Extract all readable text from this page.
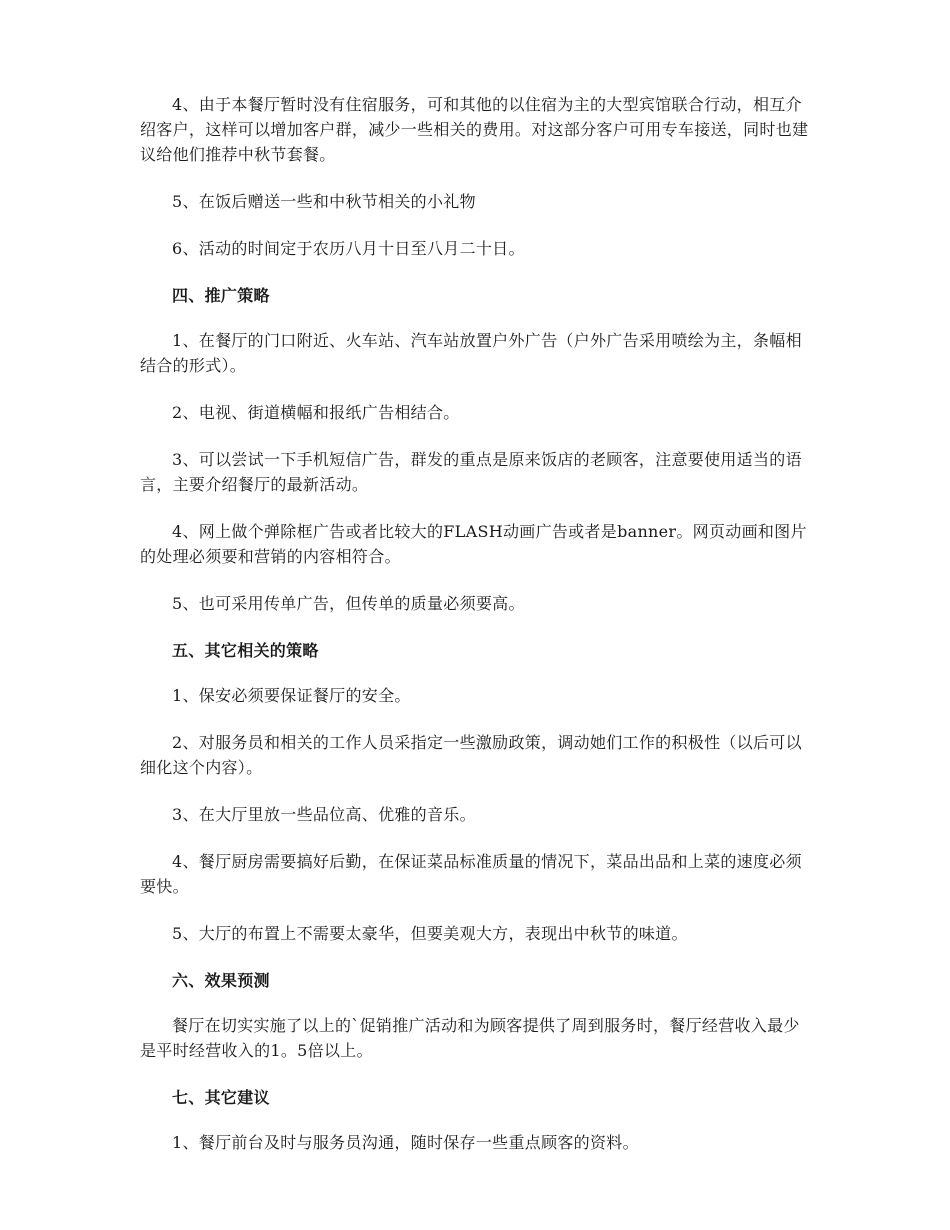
4、由于本餐厅暂时没有住宿服务，可和其他的以住宿为主的大型宾馆联合行动，相互介绍客户，这样可以增加客户群，减少一些相关的费用。对这部分客户可用专车接送，同时也建议给他们推荐中秋节套餐。

5、在饭后赠送一些和中秋节相关的小礼物

6、活动的时间定于农历八月十日至八月二十日。

四、推广策略

1、在餐厅的门口附近、火车站、汽车站放置户外广告（户外广告采用喷绘为主，条幅相结合的形式）。

2、电视、街道横幅和报纸广告相结合。

3、可以尝试一下手机短信广告，群发的重点是原来饭店的老顾客，注意要使用适当的语言，主要介绍餐厅的最新活动。

4、网上做个弹除框广告或者比较大的FLASH动画广告或者是banner。网页动画和图片的处理必须要和营销的内容相符合。

5、也可采用传单广告，但传单的质量必须要高。

五、其它相关的策略

1、保安必须要保证餐厅的安全。

2、对服务员和相关的工作人员采指定一些激励政策，调动她们工作的积极性（以后可以细化这个内容）。

3、在大厅里放一些品位高、优雅的音乐。

4、餐厅厨房需要搞好后勤，在保证菜品标准质量的情况下，菜品出品和上菜的速度必须要快。

5、大厅的布置上不需要太豪华，但要美观大方，表现出中秋节的味道。

六、效果预测

餐厅在切实实施了以上的`促销推广活动和为顾客提供了周到服务时，餐厅经营收入最少是平时经营收入的1。5倍以上。

七、其它建议

1、餐厅前台及时与服务员沟通，随时保存一些重点顾客的资料。
